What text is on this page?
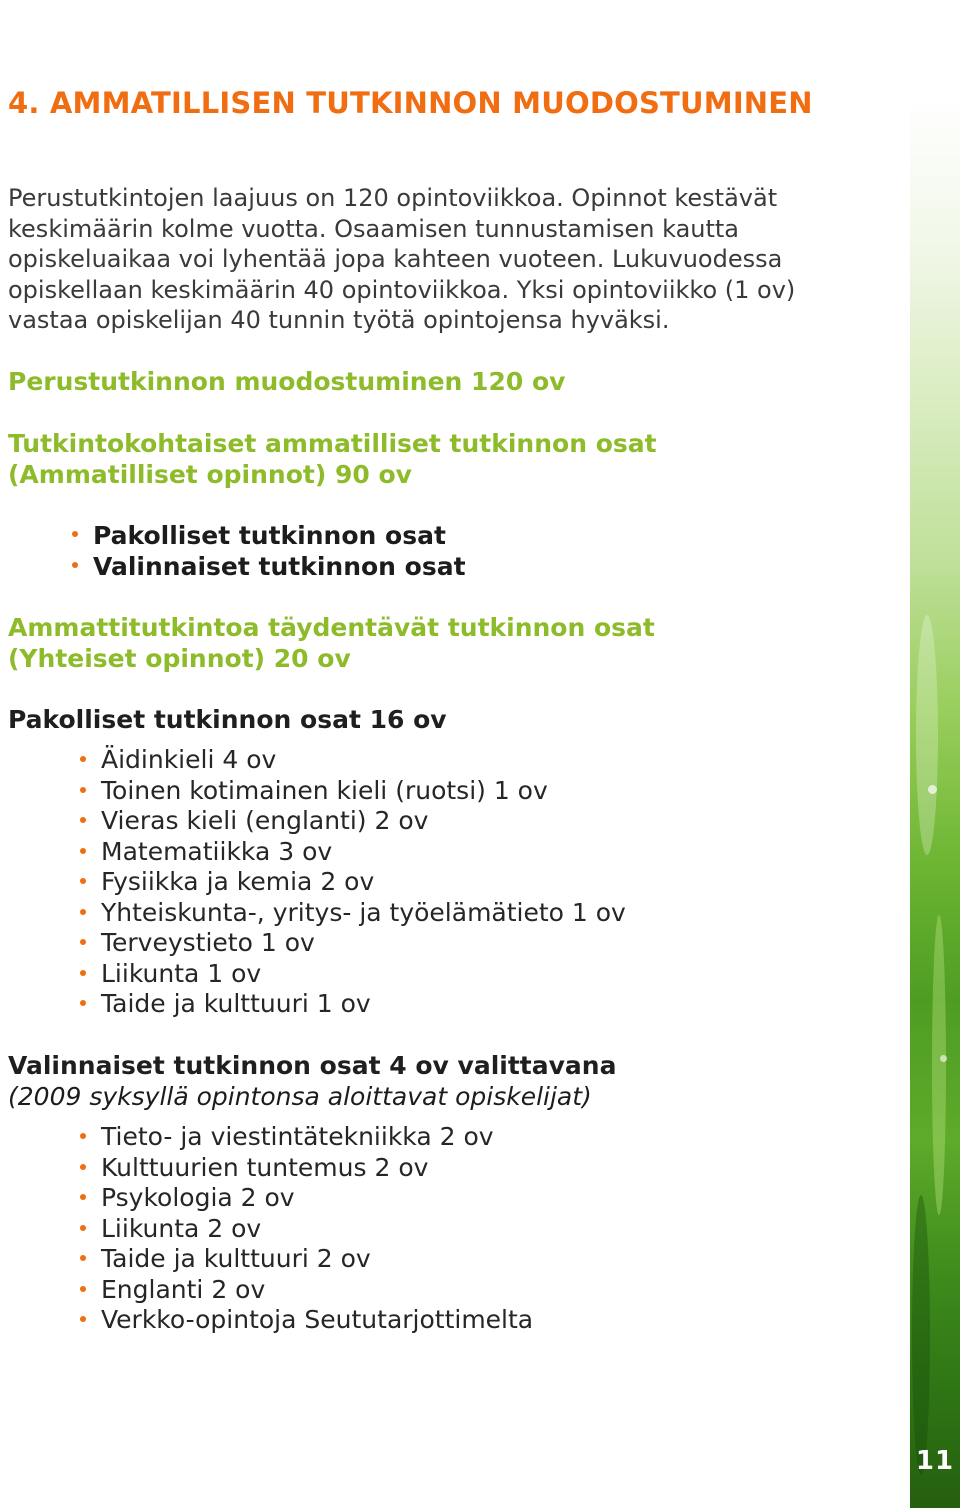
11

4. AMMATILLISEN TUTKINNON MUODOSTUMINEN

Perustutkintojen laajuus on 120 opintoviikkoa. Opinnot kestävät keskimäärin kolme vuotta. Osaamisen tunnustamisen kautta opiskeluaikaa voi lyhentää jopa kahteen vuoteen. Lukuvuodessa opiskellaan keskimäärin 40 opintoviikkoa. Yksi opintoviikko (1 ov) vastaa opiskelijan 40 tunnin työtä opintojensa hyväksi.

Perustutkinnon muodostuminen 120 ov

Tutkintokohtaiset ammatilliset tutkinnon osat

(Ammatilliset opinnot) 90 ov

Pakolliset tutkinnon osat
Valinnaiset tutkinnon osat

Ammattitutkintoa täydentävät tutkinnon osat

(Yhteiset opinnot) 20 ov

Pakolliset tutkinnon osat 16 ov

Äidinkieli 4 ov
Toinen kotimainen kieli (ruotsi) 1 ov
Vieras kieli (englanti) 2 ov
Matematiikka 3 ov
Fysiikka ja kemia 2 ov
Yhteiskunta-, yritys- ja työelämätieto 1 ov
Terveystieto 1 ov
Liikunta 1 ov
Taide ja kulttuuri 1 ov

Valinnaiset tutkinnon osat 4 ov valittavana

(2009 syksyllä opintonsa aloittavat opiskelijat)

Tieto- ja viestintätekniikka 2 ov
Kulttuurien tuntemus 2 ov
Psykologia 2 ov
Liikunta 2 ov
Taide ja kulttuuri 2 ov
Englanti 2 ov
Verkko-opintoja Seututarjottimelta
